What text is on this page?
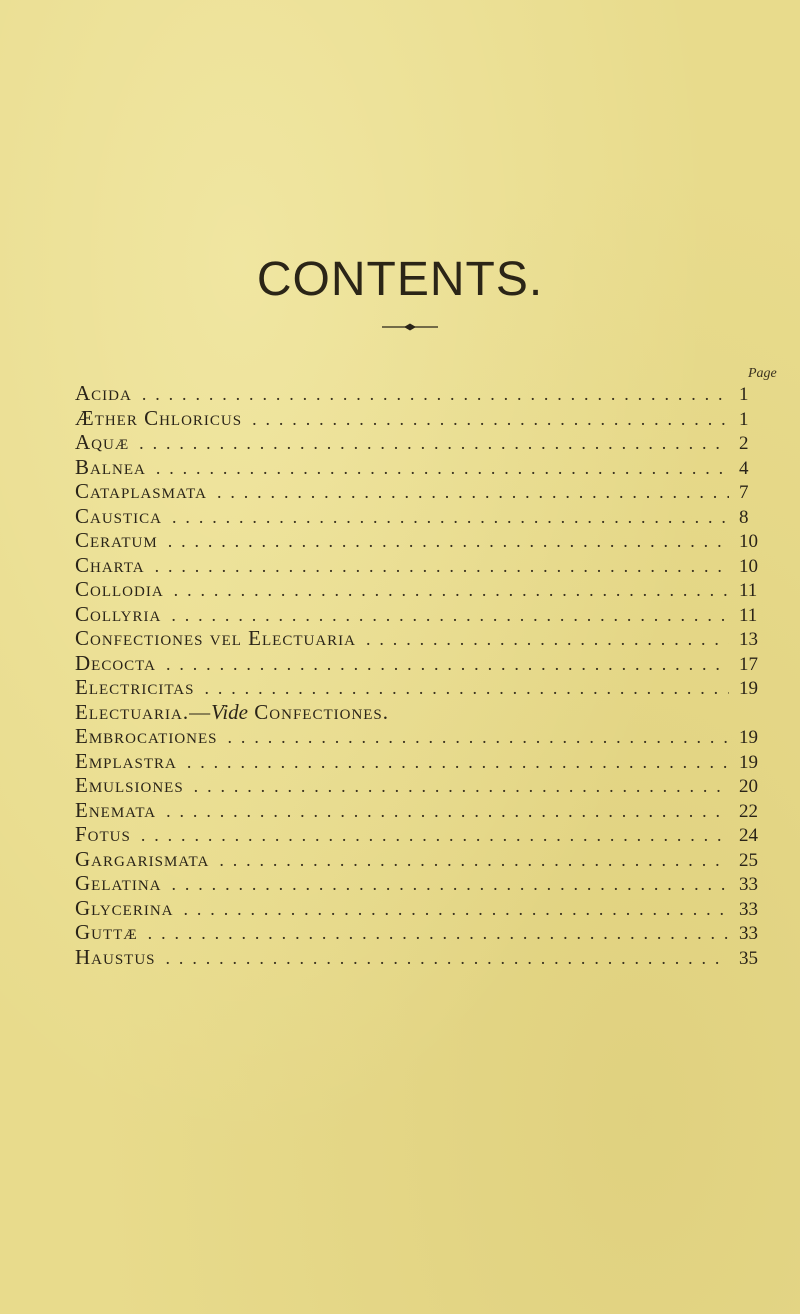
CONTENTS.
Page
Acida . . .	1
Æther Chloricus . . .	1
Aquæ . . .	2
Balnea . . .	4
Cataplasmata . . .	7
Caustica . . .	8
Ceratum . . .	10
Charta . . .	10
Collodia . . .	11
Collyria . . .	11
Confectiones vel Electuaria . . .	13
Decocta . . .	17
Electricitas . . .	19
Electuaria.—Vide Confectiones.
Embrocationes . . .	19
Emplastra . . .	19
Emulsiones . . .	20
Enemata . . .	22
Fotus . . .	24
Gargarismata . . .	25
Gelatina . . .	33
Glycerina . . .	33
Guttæ . . .	33
Haustus . . .	35
